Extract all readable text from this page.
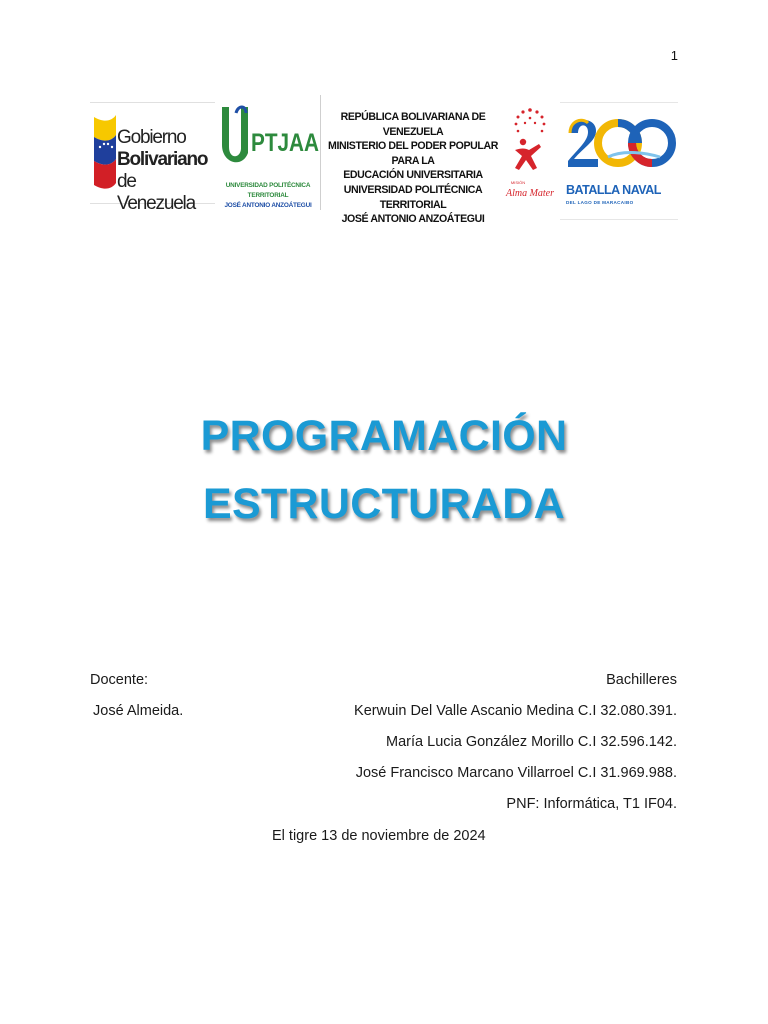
1
Gobierno Bolivariano
de Venezuela
PTJAA
UNIVERSIDAD POLITÉCNICA TERRITORIAL
JOSÉ ANTONIO ANZOÁTEGUI
REPÚBLICA BOLIVARIANA DE VENEZUELA
MINISTERIO DEL PODER POPULAR PARA LA
EDUCACIÓN UNIVERSITARIA
UNIVERSIDAD POLITÉCNICA TERRITORIAL
JOSÉ ANTONIO ANZOÁTEGUI
MISIÓN
Alma Mater BATALLA NAVAL
DEL LAGO DE MARACAIBO
PROGRAMACIÓN
ESTRUCTURADA
Docente:	Bachilleres
José Almeida.	Kerwuin Del Valle Ascanio Medina C.I 32.080.391.
María Lucia González Morillo C.I 32.596.142.
José Francisco Marcano Villarroel C.I 31.969.988.
PNF: Informática, T1 IF04.
El tigre 13 de noviembre de 2024
